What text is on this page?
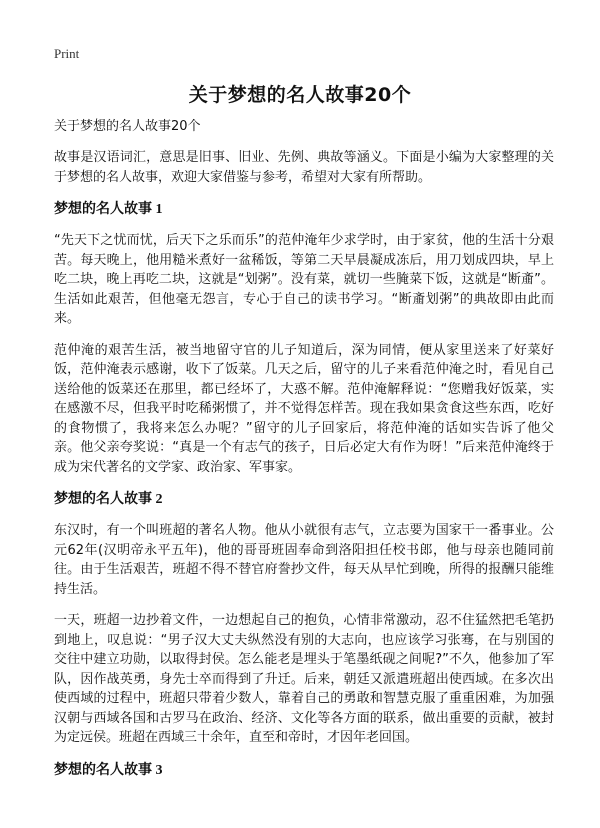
Print
关于梦想的名人故事20个

关于梦想的名人故事20个

故事是汉语词汇，意思是旧事、旧业、先例、典故等涵义。下面是小编为大家整理的关于梦想的名人故事，欢迎大家借鉴与参考，希望对大家有所帮助。

梦想的名人故事 1

“先天下之忧而忧，后天下之乐而乐”的范仲淹年少求学时，由于家贫，他的生活十分艰苦。每天晚上，他用糙米煮好一盆稀饭，等第二天早晨凝成冻后，用刀划成四块，早上吃二块，晚上再吃二块，这就是“划粥”。没有菜，就切一些腌菜下饭，这就是“断齑”。生活如此艰苦，但他毫无怨言，专心于自己的读书学习。“断齑划粥”的典故即由此而来。

范仲淹的艰苦生活，被当地留守官的儿子知道后，深为同情，便从家里送来了好菜好饭，范仲淹表示感谢，收下了饭菜。几天之后，留守的儿子来看范仲淹之时，看见自己送给他的饭菜还在那里，都已经坏了，大惑不解。范仲淹解释说：“您赠我好饭菜，实在感激不尽，但我平时吃稀粥惯了，并不觉得怎样苦。现在我如果贪食这些东西，吃好的食物惯了，我将来怎么办呢？”留守的儿子回家后，将范仲淹的话如实告诉了他父亲。他父亲夸奖说：“真是一个有志气的孩子，日后必定大有作为呀！”后来范仲淹终于成为宋代著名的文学家、政治家、军事家。

梦想的名人故事 2

东汉时，有一个叫班超的著名人物。他从小就很有志气，立志要为国家干一番事业。公元62年(汉明帝永平五年)，他的哥哥班固奉命到洛阳担任校书郎，他与母亲也随同前往。由于生活艰苦，班超不得不替官府誊抄文件，每天从早忙到晚，所得的报酬只能维持生活。

一天，班超一边抄着文件，一边想起自己的抱负，心情非常激动，忍不住猛然把毛笔扔到地上，叹息说：“男子汉大丈夫纵然没有别的大志向，也应该学习张骞，在与别国的交往中建立功勋，以取得封侯。怎么能老是埋头于笔墨纸砚之间呢?”不久，他参加了军队，因作战英勇，身先士卒而得到了升迁。后来，朝廷又派遣班超出使西域。在多次出使西域的过程中，班超只带着少数人，靠着自己的勇敢和智慧克服了重重困难，为加强汉朝与西域各国和古罗马在政治、经济、文化等各方面的联系，做出重要的贡献，被封为定远侯。班超在西域三十余年，直至和帝时，才因年老回国。

梦想的名人故事 3
